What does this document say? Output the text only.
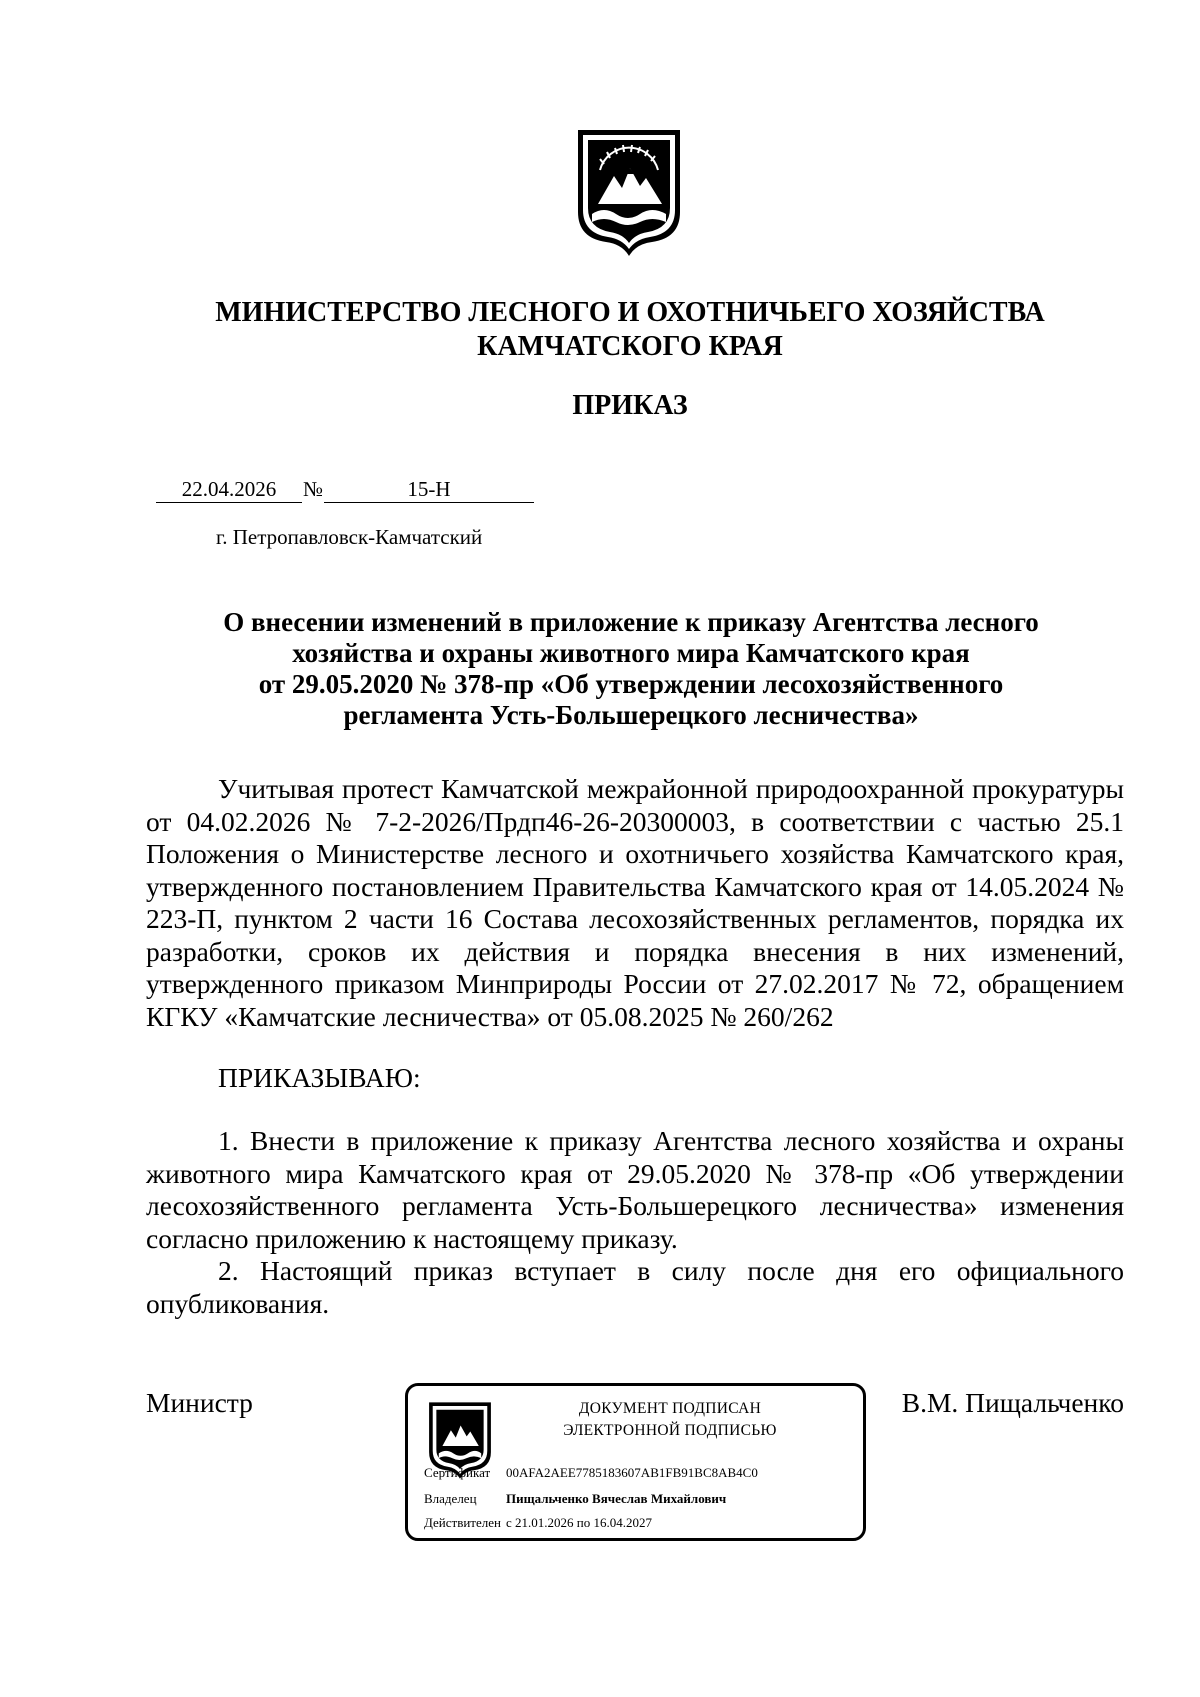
МИНИСТЕРСТВО ЛЕСНОГО И ОХОТНИЧЬЕГО ХОЗЯЙСТВА
КАМЧАТСКОГО КРАЯ
ПРИКАЗ
22.04.2026 №	15-Н
г. Петропавловск-Камчатский
О внесении изменений в приложение к приказу Агентства лесного
хозяйства и охраны животного мира Камчатского края
от 29.05.2020 № 378-пр «Об утверждении лесохозяйственного
регламента Усть-Большерецкого лесничества»

Учитывая протест Камчатской межрайонной природоохранной прокуратуры от 04.02.2026 № 7-2-2026/Прдп46-26-20300003, в соответствии с частью 25.1 Положения о Министерстве лесного и охотничьего хозяйства Камчатского края, утвержденного постановлением Правительства Камчатского края от 14.05.2024 № 223-П, пунктом 2 части 16 Состава лесохозяйственных регламентов, порядка их разработки, сроков их действия и порядка внесения в них изменений, утвержденного приказом Минприроды России от 27.02.2017 № 72, обращением КГКУ «Камчатские лесничества» от 05.08.2025 № 260/262

ПРИКАЗЫВАЮ:

1. Внести в приложение к приказу Агентства лесного хозяйства и охраны животного мира Камчатского края от 29.05.2020 № 378-пр «Об утверждении лесохозяйственного регламента Усть-Большерецкого лесничества» изменения согласно приложению к настоящему приказу.

2. Настоящий приказ вступает в силу после дня его официального опубликования.

Министр	ДОКУМЕНТ ПОДПИСАН
ЭЛЕКТРОННОЙ ПОДПИСЬЮ
Сертификат 00AFA2AEE7785183607AB1FB91BC8AB4C0
Владелец Пищальченко Вячеслав Михайлович
Действителен с 21.01.2026 по 16.04.2027
В.М. Пищальченко
